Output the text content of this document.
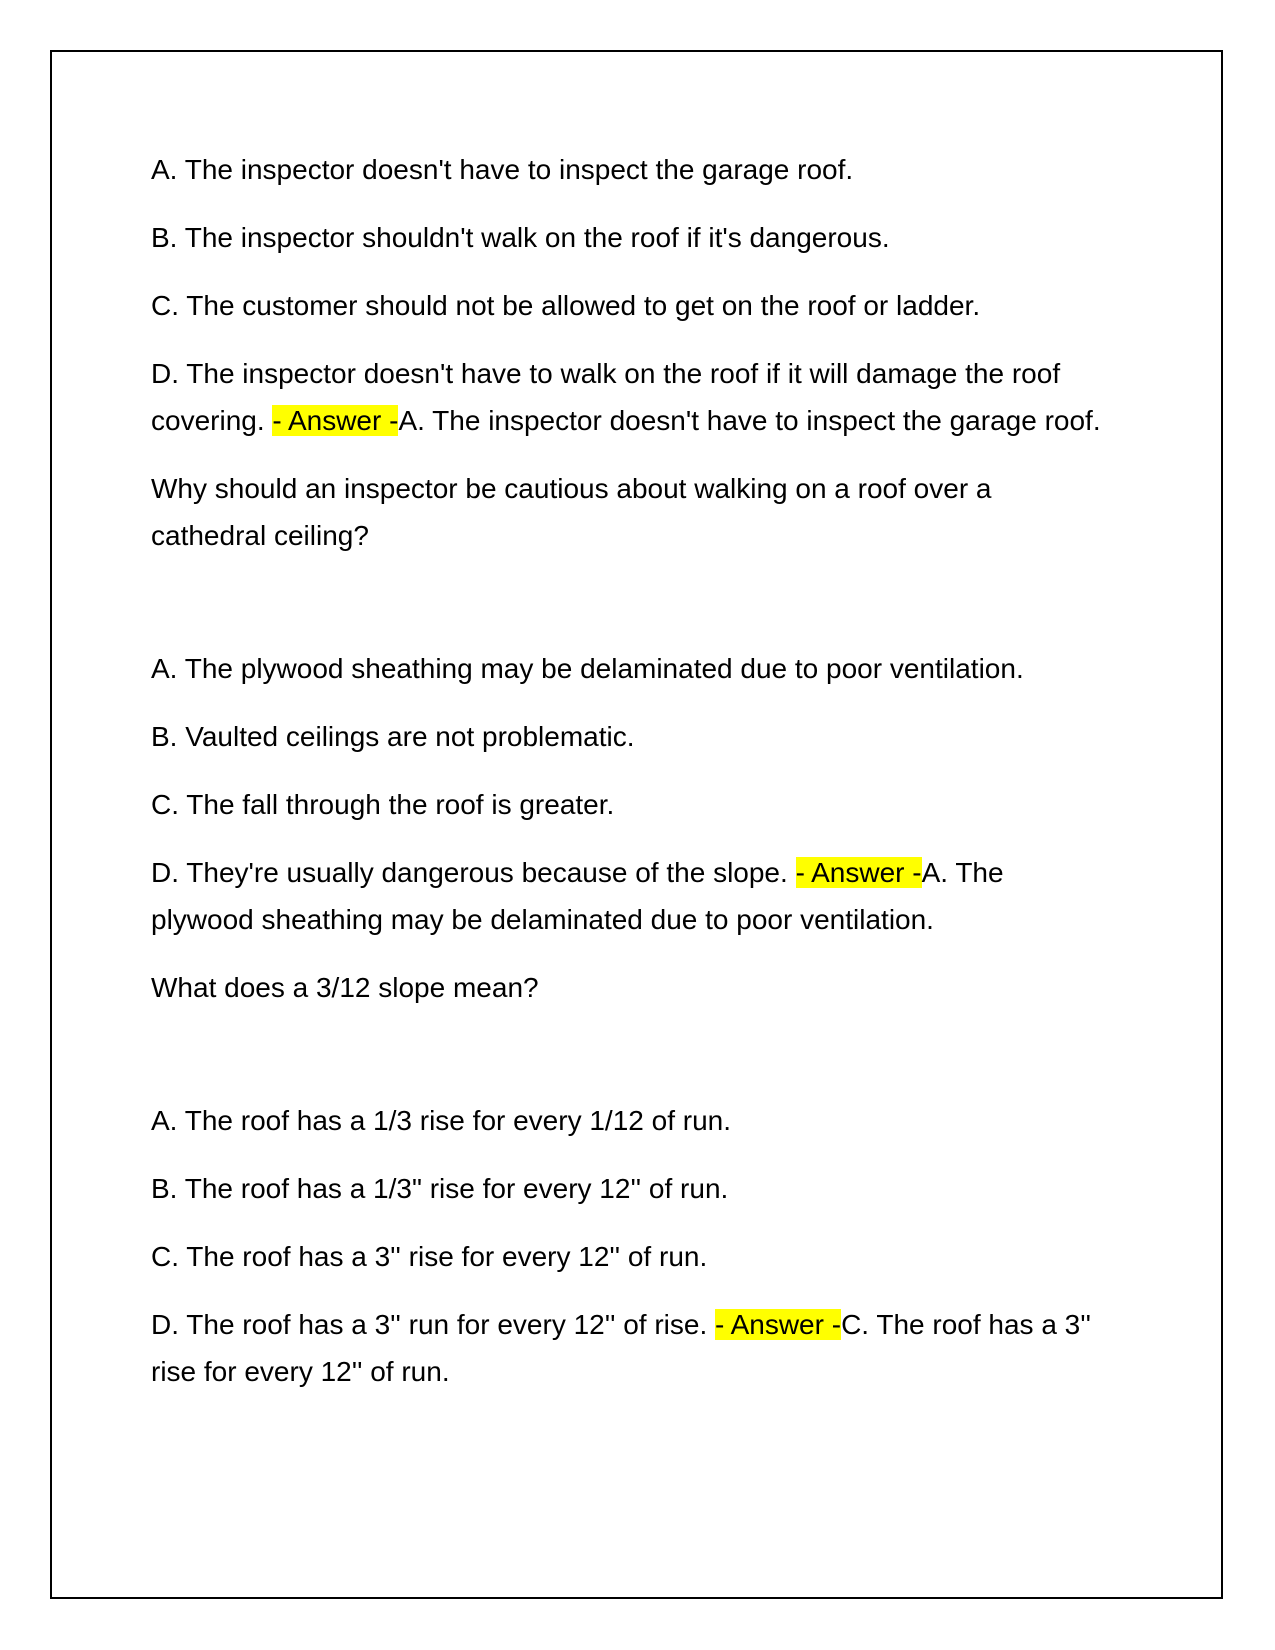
A. The inspector doesn't have to inspect the garage roof.

B. The inspector shouldn't walk on the roof if it's dangerous.

C. The customer should not be allowed to get on the roof or ladder.

D. The inspector doesn't have to walk on the roof if it will damage the roof covering. - Answer -A. The inspector doesn't have to inspect the garage roof.

Why should an inspector be cautious about walking on a roof over a cathedral ceiling?

A. The plywood sheathing may be delaminated due to poor ventilation.

B. Vaulted ceilings are not problematic.

C. The fall through the roof is greater.

D. They're usually dangerous because of the slope. - Answer -A. The plywood sheathing may be delaminated due to poor ventilation.

What does a 3/12 slope mean?

A. The roof has a 1/3 rise for every 1/12 of run.

B. The roof has a 1/3" rise for every 12'' of run.

C. The roof has a 3'' rise for every 12'' of run.

D. The roof has a 3'' run for every 12'' of rise. - Answer -C. The roof has a 3'' rise for every 12'' of run.
